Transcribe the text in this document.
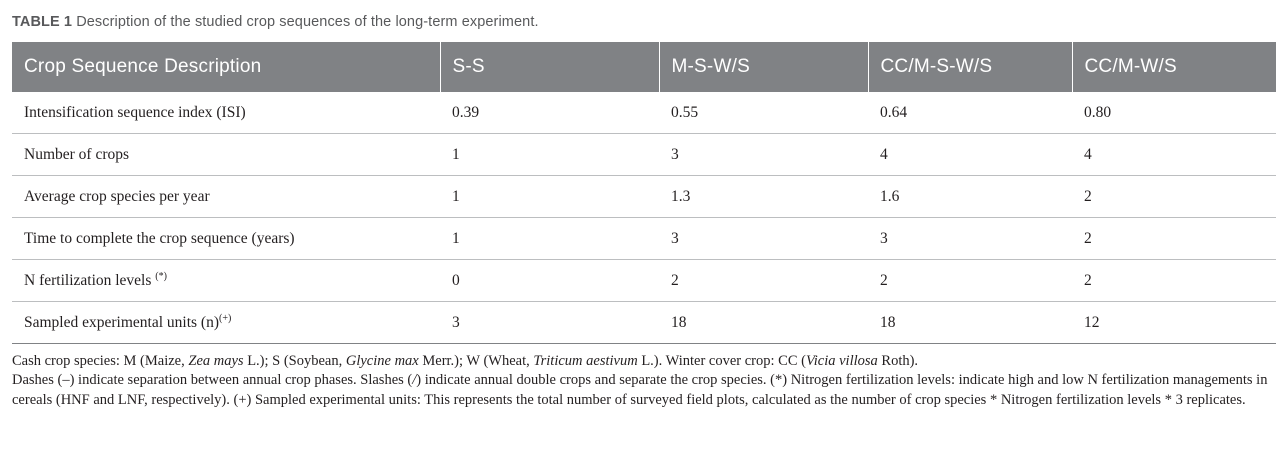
TABLE 1 Description of the studied crop sequences of the long-term experiment.
Crop Sequence Description	S-S	M-S-W/S	CC/M-S-W/S	CC/M-W/S
Intensification sequence index (ISI)	0.39	0.55	0.64	0.80
Number of crops	1	3	4	4
Average crop species per year	1	1.3	1.6	2
Time to complete the crop sequence (years)	1	3	3	2
N fertilization levels (*)	0	2	2	2
Sampled experimental units (n)(+)	3	18	18	12

Cash crop species: M (Maize, Zea mays L.); S (Soybean, Glycine max Merr.); W (Wheat, Triticum aestivum L.). Winter cover crop: CC (Vicia villosa Roth).

Dashes (–) indicate separation between annual crop phases. Slashes (/) indicate annual double crops and separate the crop species. (*) Nitrogen fertilization levels: indicate high and low N fertilization managements in cereals (HNF and LNF, respectively). (+) Sampled experimental units: This represents the total number of surveyed field plots, calculated as the number of crop species * Nitrogen fertilization levels * 3 replicates.
